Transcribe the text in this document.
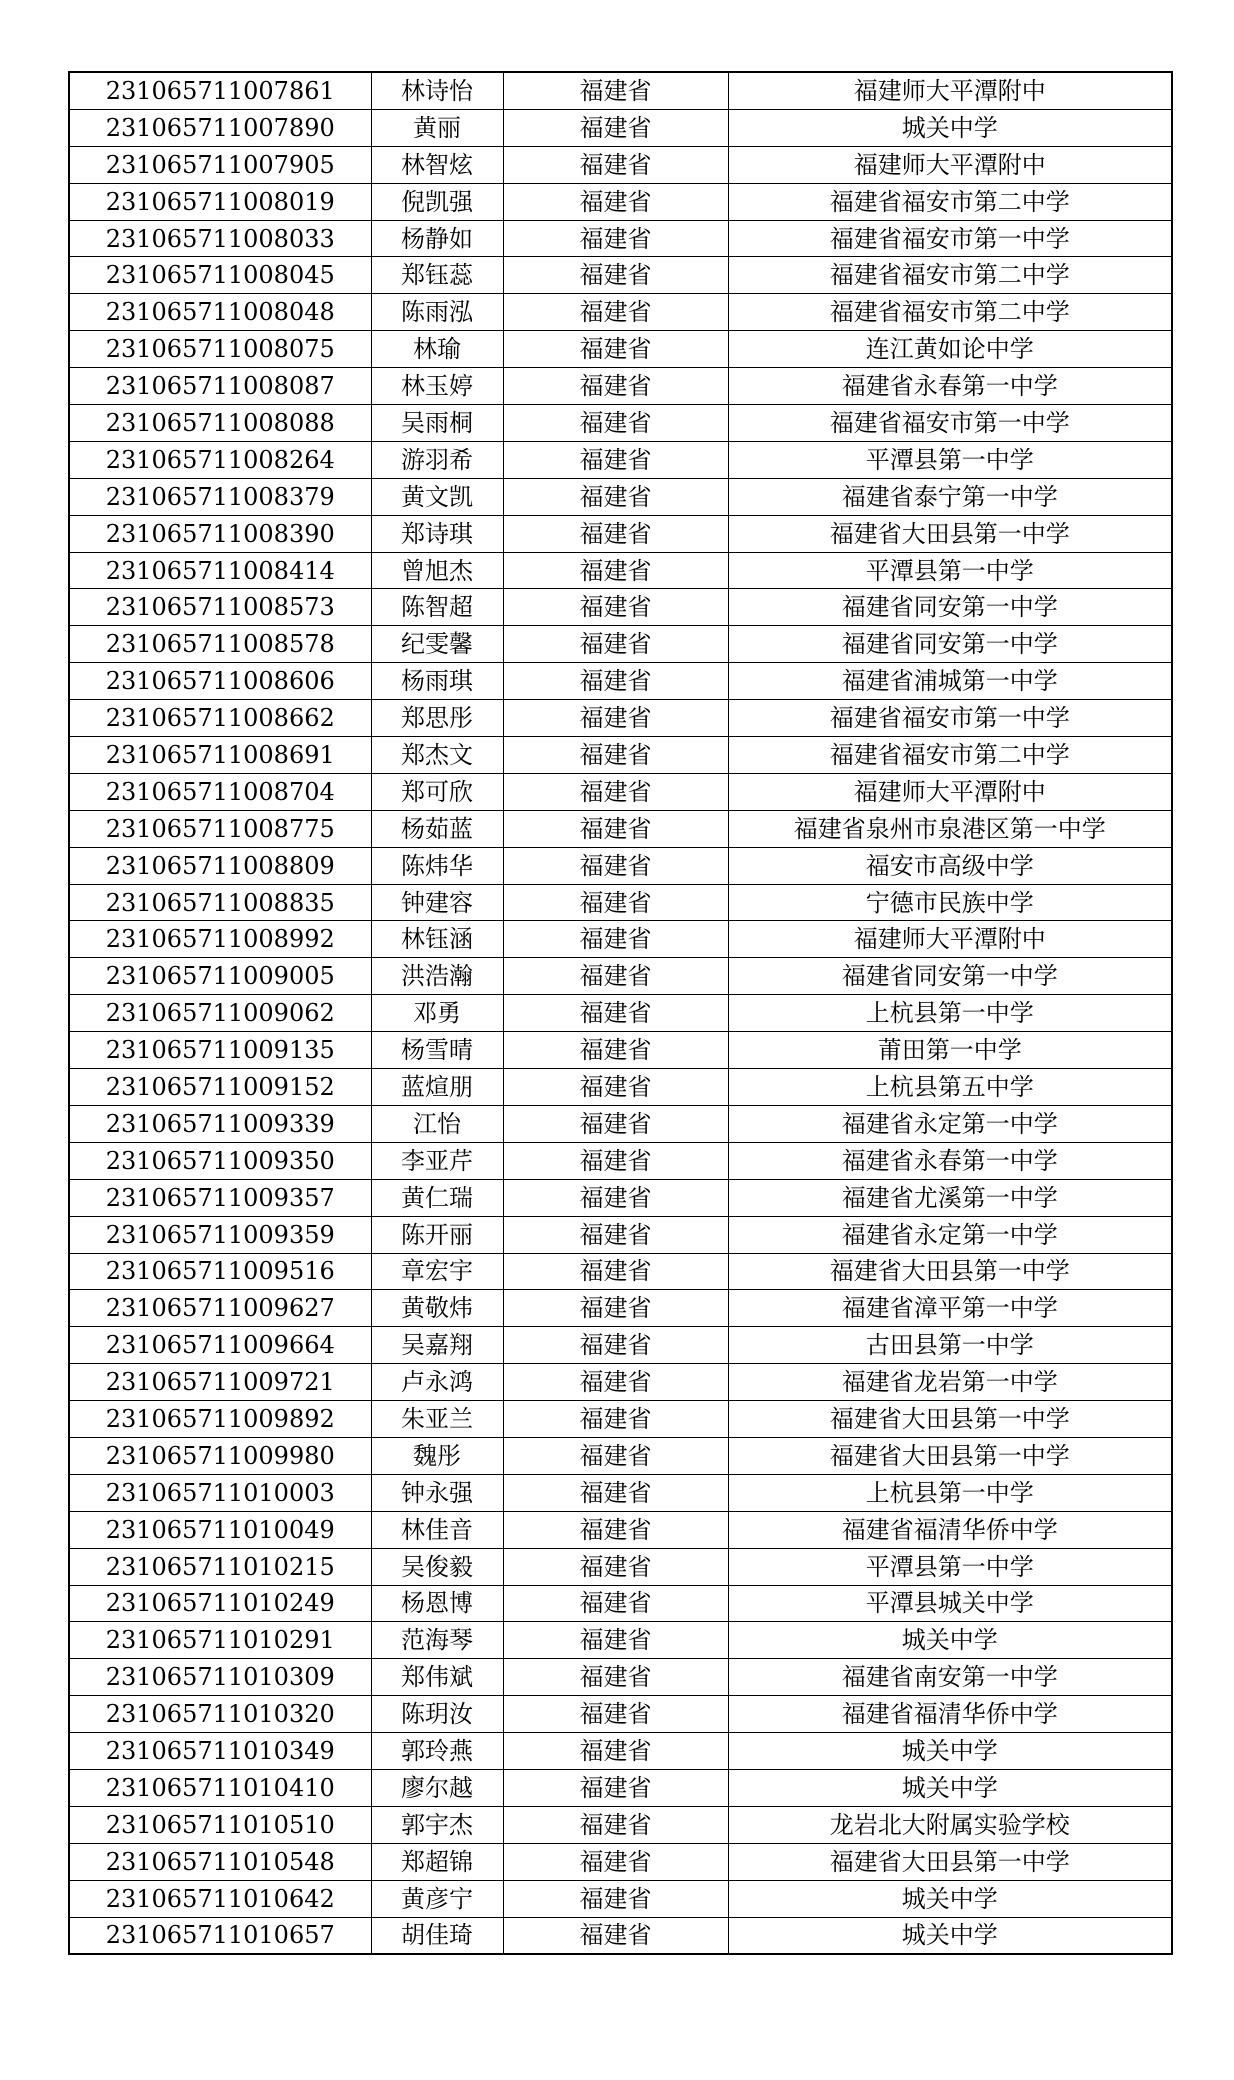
231065711007861	林诗怡	福建省	福建师大平潭附中
231065711007890	黄丽	福建省	城关中学
231065711007905	林智炫	福建省	福建师大平潭附中
231065711008019	倪凯强	福建省	福建省福安市第二中学
231065711008033	杨静如	福建省	福建省福安市第一中学
231065711008045	郑钰蕊	福建省	福建省福安市第二中学
231065711008048	陈雨泓	福建省	福建省福安市第二中学
231065711008075	林瑜	福建省	连江黄如论中学
231065711008087	林玉婷	福建省	福建省永春第一中学
231065711008088	吴雨桐	福建省	福建省福安市第一中学
231065711008264	游羽希	福建省	平潭县第一中学
231065711008379	黄文凯	福建省	福建省泰宁第一中学
231065711008390	郑诗琪	福建省	福建省大田县第一中学
231065711008414	曾旭杰	福建省	平潭县第一中学
231065711008573	陈智超	福建省	福建省同安第一中学
231065711008578	纪雯馨	福建省	福建省同安第一中学
231065711008606	杨雨琪	福建省	福建省浦城第一中学
231065711008662	郑思彤	福建省	福建省福安市第一中学
231065711008691	郑杰文	福建省	福建省福安市第二中学
231065711008704	郑可欣	福建省	福建师大平潭附中
231065711008775	杨茹蓝	福建省	福建省泉州市泉港区第一中学
231065711008809	陈炜华	福建省	福安市高级中学
231065711008835	钟建容	福建省	宁德市民族中学
231065711008992	林钰涵	福建省	福建师大平潭附中
231065711009005	洪浩瀚	福建省	福建省同安第一中学
231065711009062	邓勇	福建省	上杭县第一中学
231065711009135	杨雪晴	福建省	莆田第一中学
231065711009152	蓝煊朋	福建省	上杭县第五中学
231065711009339	江怡	福建省	福建省永定第一中学
231065711009350	李亚芹	福建省	福建省永春第一中学
231065711009357	黄仁瑞	福建省	福建省尤溪第一中学
231065711009359	陈开丽	福建省	福建省永定第一中学
231065711009516	章宏宇	福建省	福建省大田县第一中学
231065711009627	黄敬炜	福建省	福建省漳平第一中学
231065711009664	吴嘉翔	福建省	古田县第一中学
231065711009721	卢永鸿	福建省	福建省龙岩第一中学
231065711009892	朱亚兰	福建省	福建省大田县第一中学
231065711009980	魏彤	福建省	福建省大田县第一中学
231065711010003	钟永强	福建省	上杭县第一中学
231065711010049	林佳音	福建省	福建省福清华侨中学
231065711010215	吴俊毅	福建省	平潭县第一中学
231065711010249	杨恩博	福建省	平潭县城关中学
231065711010291	范海琴	福建省	城关中学
231065711010309	郑伟斌	福建省	福建省南安第一中学
231065711010320	陈玥汝	福建省	福建省福清华侨中学
231065711010349	郭玲燕	福建省	城关中学
231065711010410	廖尔越	福建省	城关中学
231065711010510	郭宇杰	福建省	龙岩北大附属实验学校
231065711010548	郑超锦	福建省	福建省大田县第一中学
231065711010642	黄彦宁	福建省	城关中学
231065711010657	胡佳琦	福建省	城关中学
